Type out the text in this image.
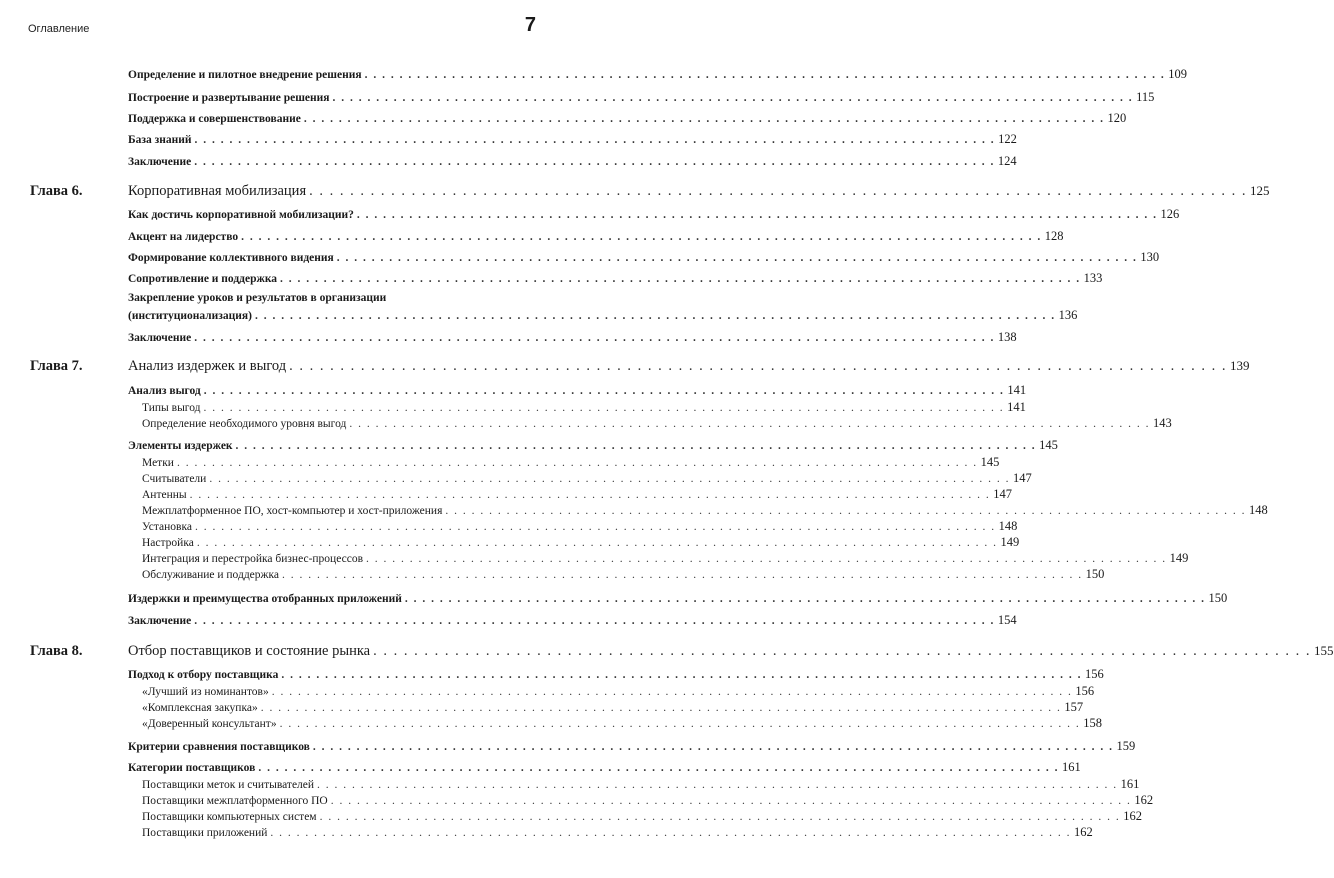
Оглавление	7
Определение и пилотное внедрение решения . . .	109
Построение и развертывание решения . . .	115
Поддержка и совершенствование . . .	120
База знаний . . .	122
Заключение . . .	124
Глава 6.	Корпоративная мобилизация . . .	125
Как достичь корпоративной мобилизации? . . .	126
Акцент на лидерство . . .	128
Формирование коллективного видения . . .	130
Сопротивление и поддержка . . .	133
Закрепление уроков и результатов в организации
(институционализация) . . .	136
Заключение . . .	138
Глава 7.	Анализ издержек и выгод . . .	139
Анализ выгод . . .	141
Типы выгод . . .	141
Определение необходимого уровня выгод . . .	143
Элементы издержек . . .	145
Метки . . .	145
Считыватели . . .	147
Антенны . . .	147
Межплатформенное ПО, хост-компьютер и хост-приложения . . .	148
Установка . . .	148
Настройка . . .	149
Интеграция и перестройка бизнес-процессов . . .	149
Обслуживание и поддержка . . .	150
Издержки и преимущества отобранных приложений . . .	150
Заключение . . .	154
Глава 8.	Отбор поставщиков и состояние рынка . . .	155
Подход к отбору поставщика . . .	156
«Лучший из номинантов» . . .	156
«Комплексная закупка» . . .	157
«Доверенный консультант» . . .	158
Критерии сравнения поставщиков . . .	159
Категории поставщиков . . .	161
Поставщики меток и считывателей . . .	161
Поставщики межплатформенного ПО . . .	162
Поставщики компьютерных систем . . .	162
Поставщики приложений . . .	162
